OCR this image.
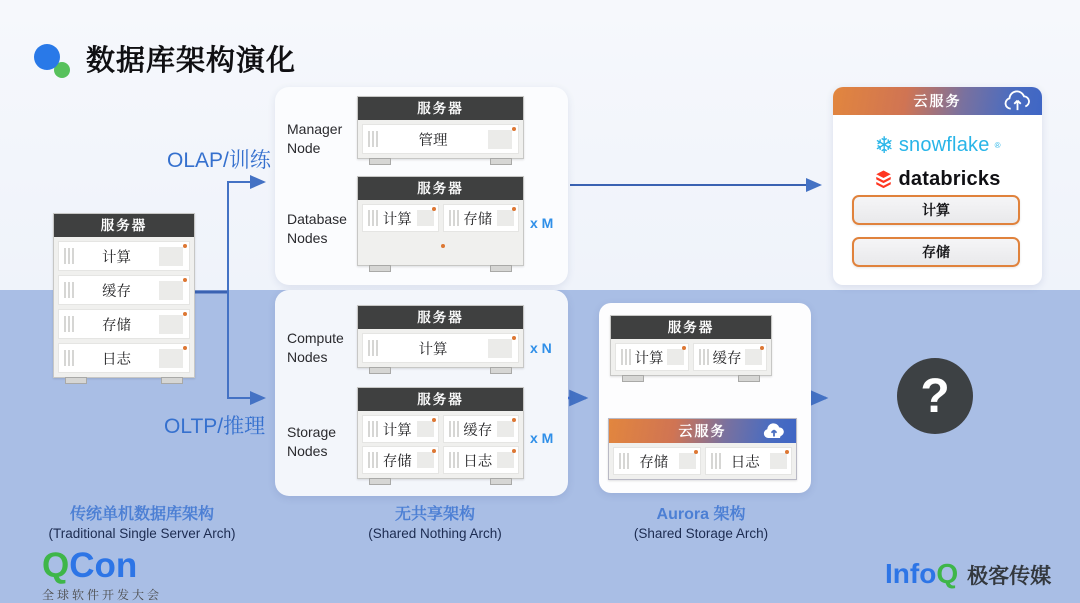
数据库架构演化
OLAP/训练
OLTP/推理
服务器
计算
缓存
存储
日志
Manager Node
服务器
管理
Database Nodes
服务器
计算	存储	x M
Compute Nodes
服务器
计算	x N
Storage Nodes
服务器
计算	缓存
存储	日志
x M
服务器
计算	缓存
云服务
存储	日志
云服务
❄ snowflake ®
databricks
计算
存储
?
传统单机数据库架构
(Traditional Single Server Arch)
无共享架构
(Shared Nothing Arch)
Aurora 架构
(Shared Storage Arch)
QCon
全球软件开发大会
Info Q 极客传媒
